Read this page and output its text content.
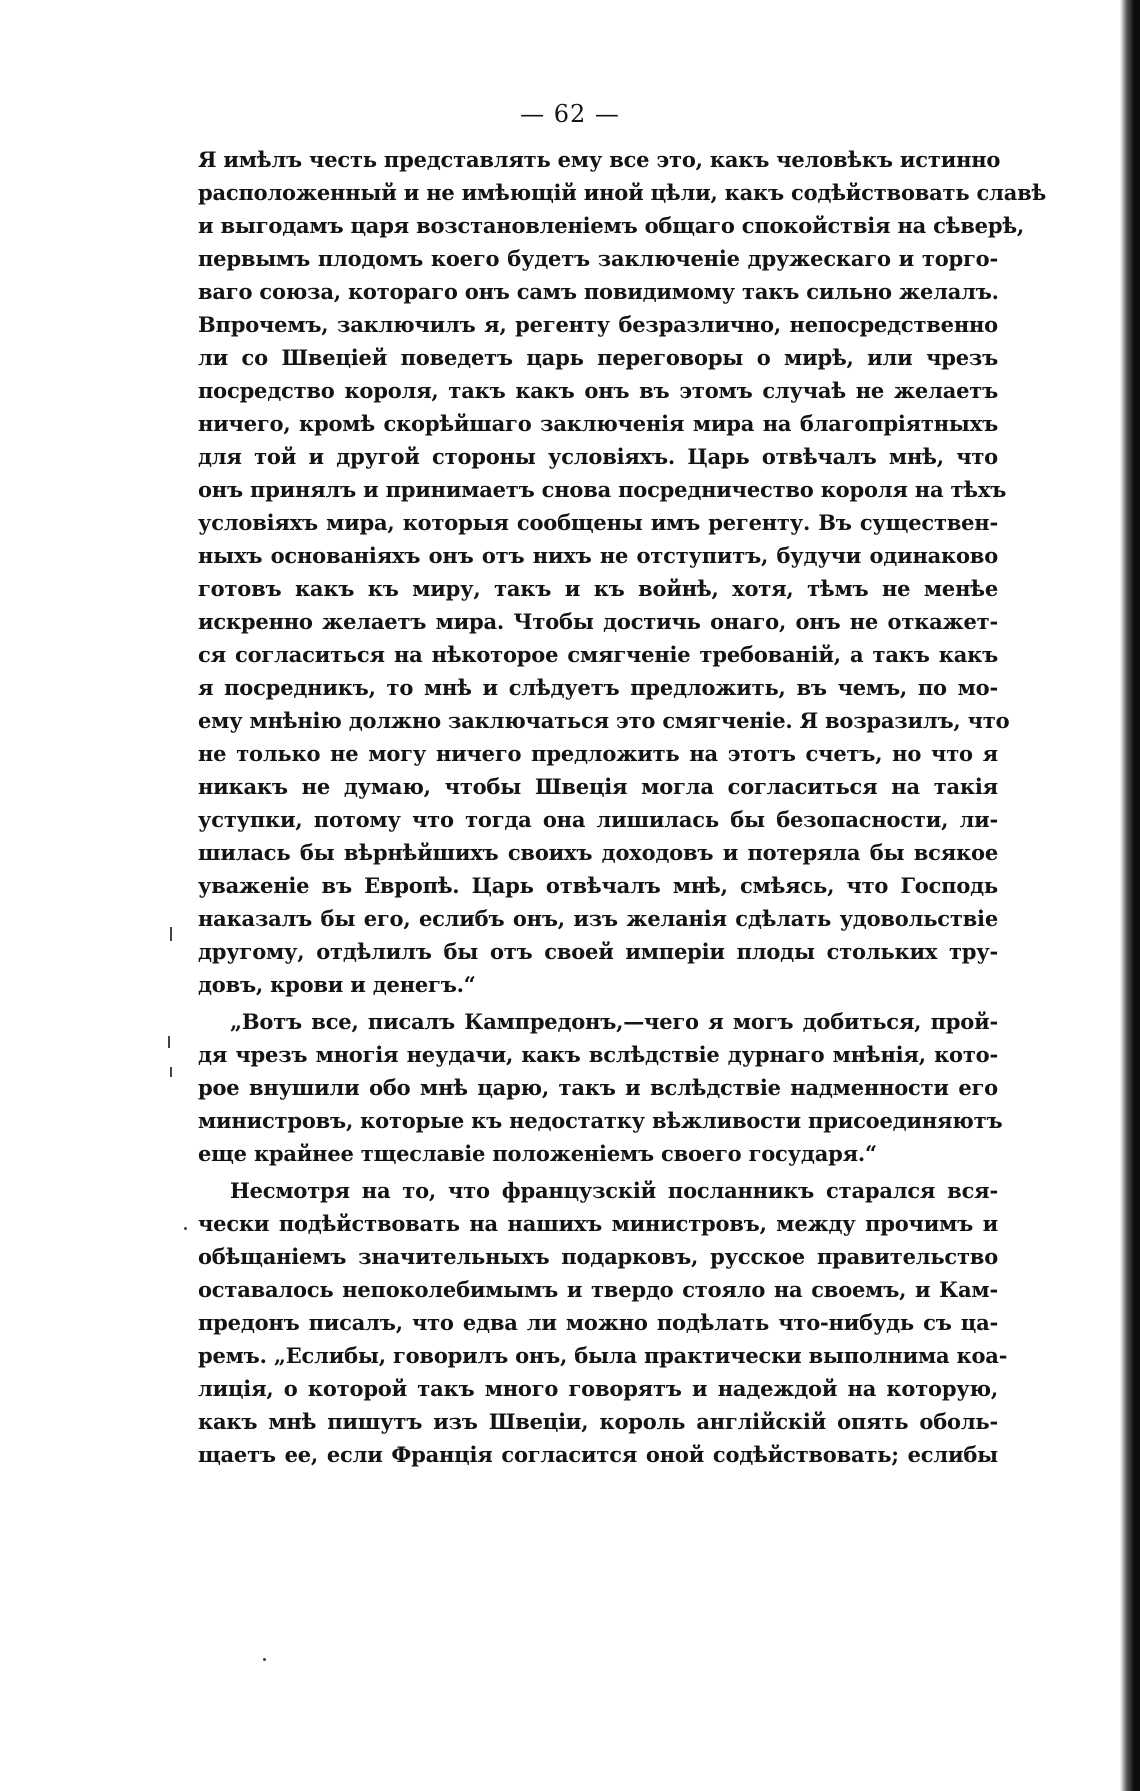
— 62 —
Я имѣлъ честь представлять ему все это, какъ человѣкъ истинно
расположенный и не имѣющій иной цѣли, какъ содѣйствовать славѣ
и выгодамъ царя возстановленіемъ общаго спокойствія на сѣверѣ,
первымъ плодомъ коего будетъ заключеніе дружескаго и торго-
ваго союза, котораго онъ самъ повидимому такъ сильно желалъ.
Впрочемъ, заключилъ я, регенту безразлично, непосредственно
ли со Швеціей поведетъ царь переговоры о мирѣ, или чрезъ
посредство короля, такъ какъ онъ въ этомъ случаѣ не желаетъ
ничего, кромѣ скорѣйшаго заключенія мира на благопріятныхъ
для той и другой стороны условіяхъ. Царь отвѣчалъ мнѣ, что
онъ принялъ и принимаетъ снова посредничество короля на тѣхъ
условіяхъ мира, которыя сообщены имъ регенту. Въ существен-
ныхъ основаніяхъ онъ отъ нихъ не отступитъ, будучи одинаково
готовъ какъ къ миру, такъ и къ войнѣ, хотя, тѣмъ не менѣе
искренно желаетъ мира. Чтобы достичь онаго, онъ не откажет-
ся согласиться на нѣкоторое смягченіе требованій, а такъ какъ
я посредникъ, то мнѣ и слѣдуетъ предложить, въ чемъ, по мо-
ему мнѣнію должно заключаться это смягченіе. Я возразилъ, что
не только не могу ничего предложить на этотъ счетъ, но что я
никакъ не думаю, чтобы Швеція могла согласиться на такія
уступки, потому что тогда она лишилась бы безопасности, ли-
шилась бы вѣрнѣйшихъ своихъ доходовъ и потеряла бы всякое
уваженіе въ Европѣ. Царь отвѣчалъ мнѣ, смѣясь, что Господь
наказалъ бы его, еслибъ онъ, изъ желанія сдѣлать удовольствіе
другому, отдѣлилъ бы отъ своей имперіи плоды стольких тру-
довъ, крови и денегъ.“
„Вотъ все, писалъ Кампредонъ,—чего я могъ добиться, прой-
дя чрезъ многія неудачи, какъ вслѣдствіе дурнаго мнѣнія, кото-
рое внушили обо мнѣ царю, такъ и вслѣдствіе надменности его
министровъ, которые къ недостатку вѣжливости присоединяютъ
еще крайнее тщеславіе положеніемъ своего государя.“
Несмотря на то, что французскій посланникъ старался вся-
чески подѣйствовать на нашихъ министровъ, между прочимъ и
обѣщаніемъ значительныхъ подарковъ, русское правительство
оставалось непоколебимымъ и твердо стояло на своемъ, и Кам-
предонъ писалъ, что едва ли можно подѣлать что-нибудь съ ца-
ремъ. „Еслибы, говорилъ онъ, была практически выполнима коа-
лиція, о которой такъ много говорятъ и надеждой на которую,
какъ мнѣ пишутъ изъ Швеціи, король англійскій опять оболь-
щаетъ ее, если Франція согласится оной содѣйствовать; еслибы
